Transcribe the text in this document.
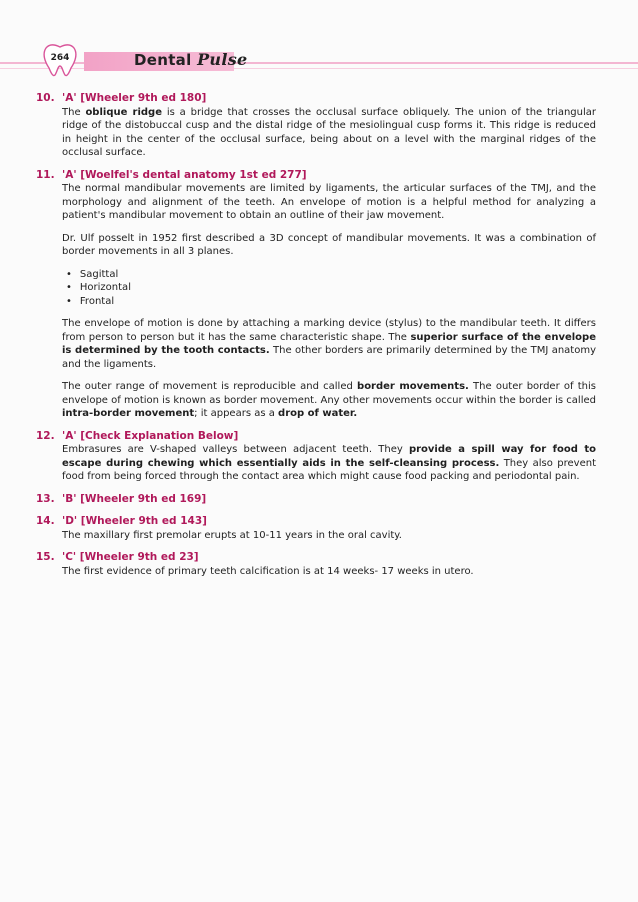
264	Dental Pulse
10. 'A' [Wheeler 9th ed 180]

The oblique ridge is a bridge that crosses the occlusal surface obliquely. The union of the triangular ridge of the distobuccal cusp and the distal ridge of the mesiolingual cusp forms it. This ridge is reduced in height in the center of the occlusal surface, being about on a level with the marginal ridges of the occlusal surface.

11. 'A' [Woelfel's dental anatomy 1st ed 277]

The normal mandibular movements are limited by ligaments, the articular surfaces of the TMJ, and the morphology and alignment of the teeth. An envelope of motion is a helpful method for analyzing a patient's mandibular movement to obtain an outline of their jaw movement.

Dr. Ulf posselt in 1952 first described a 3D concept of mandibular movements. It was a combination of border movements in all 3 planes.

• Sagittal
• Horizontal
• Frontal

The envelope of motion is done by attaching a marking device (stylus) to the mandibular teeth. It differs from person to person but it has the same characteristic shape. The superior surface of the envelope is determined by the tooth contacts. The other borders are primarily determined by the TMJ anatomy and the ligaments.

The outer range of movement is reproducible and called border movements. The outer border of this envelope of motion is known as border movement. Any other movements occur within the border is called intra-border movement; it appears as a drop of water.

12. 'A' [Check Explanation Below]

Embrasures are V-shaped valleys between adjacent teeth. They provide a spill way for food to escape during chewing which essentially aids in the self-cleansing process. They also prevent food from being forced through the contact area which might cause food packing and periodontal pain.

13. 'B' [Wheeler 9th ed 169]
14. 'D' [Wheeler 9th ed 143]

The maxillary first premolar erupts at 10-11 years in the oral cavity.

15. 'C' [Wheeler 9th ed 23]

The first evidence of primary teeth calcification is at 14 weeks- 17 weeks in utero.
